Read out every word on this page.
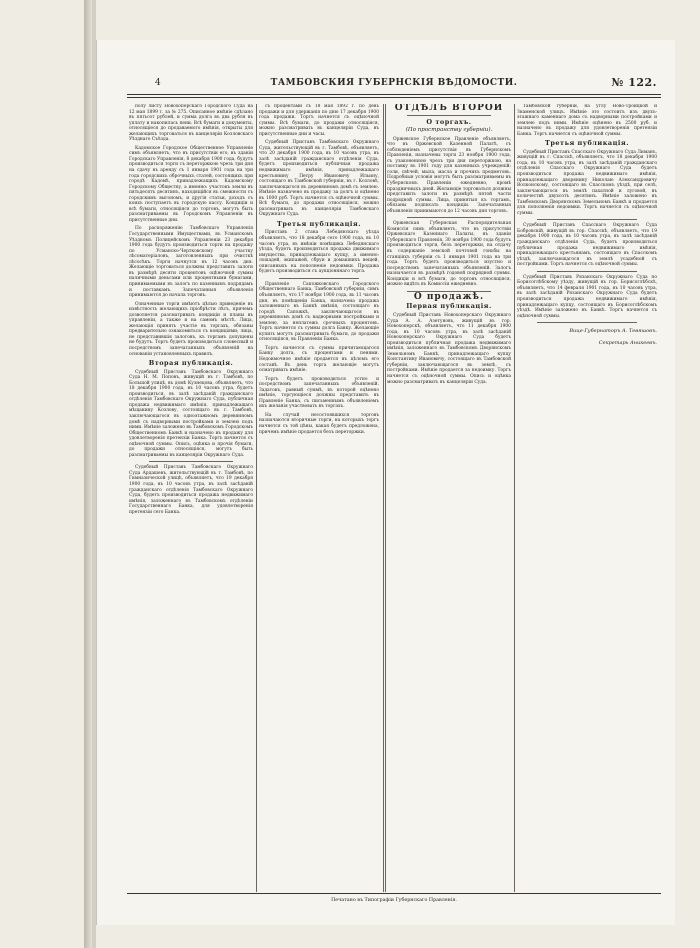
4	ТАМБОВСКИЯ ГУБЕРНСКІЯ ВѢДОМОСТИ.	№ 122.

полу листу Новохоперскаго Городского Суда на 12 мая 1899 г. за № 275. Описанное имѣніе сдѣлано въ пятьсот рублей, и сумма долга въ два рубля въ уплату и накопилась пени. Всѣ бумаги и документы, относящіеся до продаваемого имѣнія, открыты для желающихъ торговаться въ канцеляріи Козловскаго Уѣзднаго Съѣзда.

Кадомское Городское Общественное Управленіе симъ объявляетъ, что въ присутствіи его, въ зданіи Городскаго Управленія, 8 декабря 1900 года, будутъ производиться торги съ переторжкою чрезъ три дня на сдачу въ аренду съ 1 января 1901 года на три года городскихъ оброчныхъ статей, состоящихъ при городѣ Кадомѣ, принадлежащихъ Кадомскому Городскому Обществу, а именно: участокъ земли въ пятьдесятъ десятинъ, находящійся въ смежности съ городскимъ выгономъ, и другія статьи, доходъ съ коихъ поступаетъ въ городскую кассу. Кондиціи и всѣ бумаги, относящіяся до торговъ, могутъ быть разсматриваемы въ Городскомъ Управленіи въ присутственные дни.

По распоряженію Тамбовскаго Управленія Государственными Имуществами, въ Усманскомъ Уѣздномъ Полицейскомъ Управленіи 23 декабря 1900 года будутъ производиться торги на продажу по Усманско-Чертковскому участку лѣсоматеріаловъ, заготовленныхъ при очисткѣ лѣсосѣкъ. Торги начнутся въ 12 часовъ дня. Желающіе торговаться должны представить залоги въ размѣрѣ десяти процентовъ оцѣночной суммы наличными деньгами или процентными бумагами, принимаемыми въ залогъ по казеннымъ подрядамъ и поставкамъ. Запечатанныя объявленія принимаются до начала торговъ.

Означенные торги имѣютъ цѣлью приведеніе въ извѣстность желающихъ пріобрѣсти лѣсъ, причемъ дозволяется разсматривать кондиціи и планы въ управленіи, а также и на самомъ мѣстѣ. Лица, желающія принять участіе въ торгахъ, обязаны предварительно ознакомиться съ кондиціями; лица, не представившія залоговъ, къ торгамъ допущены не будутъ. Торгъ будетъ производиться словесный и посредствомъ запечатанныхъ объявленій на основаніи установленныхъ правилъ.

Вторая публикація.

Судебный Приставъ Тамбовскаго Окружнаго Суда Н. М. Поповъ, живущій въ г. Тамбовѣ, по Большой улицѣ, въ домѣ Кузнецова, объявляетъ, что 18 декабря 1900 года, въ 10 часовъ утра, будетъ производиться, въ залѣ засѣданій гражданскаго отдѣленія Тамбовскаго Окружнаго Суда, публичная продажа недвижимаго имѣнія, принадлежащаго мѣщанину Козлову, состоящаго въ г. Тамбовѣ, заключающагося въ одноэтажномъ деревянномъ домѣ съ надворными постройками и землею подъ ними. Имѣніе заложено въ Тамбовскомъ Городскомъ Общественномъ Банкѣ и назначено въ продажу для удовлетворенія претензіи Банка. Торгъ начнется съ оцѣночной суммы. Опись, оцѣнка и прочія бумаги, до продажи относящіяся, могутъ быть разсматриваемы въ канцеляріи Окружнаго Суда.

Судебный Приставъ Тамбовскаго Окружнаго Суда Ардашевъ, жительствующій въ г. Тамбовѣ, по Гимназической улицѣ, объявляетъ, что 19 декабря 1900 года, въ 10 часовъ утра, въ залѣ засѣданій гражданскаго отдѣленія Тамбовскаго Окружнаго Суда, будетъ производиться продажа недвижимаго имѣнія, заложеннаго въ Тамбовскомъ отдѣленіи Государственнаго Банка, для удовлетворенія претензіи сего Банка.

съ процентами съ 18 мая 1892 г. по день продажи и для удержанія по дню 17 декабря 1900 года продажи. Торгъ начнется съ оцѣночной суммы. Всѣ бумаги, до продажи относящіяся, можно разсматривать въ канцеляріи Суда, въ присутственные дни и часы.

Судебный Приставъ Тамбовскаго Окружнаго Суда, жительствующій въ г. Тамбовѣ, объявляетъ, что 20 декабря 1900 года, въ 10 часовъ утра, въ залѣ засѣданій гражданскаго отдѣленія Суда, будетъ производиться публичная продажа недвижимаго имѣнія, принадлежащаго крестьянину Петру Ивановичу Ильину, состоящаго въ Тамбовской губерніи, въ г. Козловѣ, заключающагося въ деревянномъ домѣ съ землею. Имѣніе назначено въ продажу за долгъ и оцѣнено въ 1000 руб. Торгъ начнется съ оцѣночной суммы. Всѣ бумаги, до продажи относящіяся, можно разсматривать въ канцеляріи Тамбовскаго Окружнаго Суда.

Третья публикація.

Приставъ 2 стана Лебедянскаго уѣзда объявляетъ, что 18 декабря сего 1900 года, въ 10 часовъ утра, въ имѣніи помѣщика Лебедянскаго уѣзда, будетъ производиться продажа движимаго имущества, принадлежащаго купцу, а именно: лошадей, экипажей, сбруи и домашнихъ вещей, описанныхъ на пополненіе недоимки. Продажа будетъ производиться съ аукціонннаго торга.

Правленіе Сапожковскаго Городского Общественнаго Банка, Тамбовской губерніи, симъ объявляетъ, что 17 ноября 1900 года, въ 11 часовъ дня, въ помѣщеніи Банка, назначена продажа заложеннаго въ Банкѣ имѣнія, состоящаго въ городѣ Сапожкѣ, заключающагося въ деревянномъ домѣ съ надворными постройками и землею, за неплатежъ срочныхъ процентовъ. Торгъ начнется съ суммы долга Банку. Желающіе купить могутъ разсматривать бумаги, до продажи относящіяся, въ Правленіи Банка.

Торгъ начнется съ суммы причитающагося Банку долга, съ процентами и пенями. Недоимочное имѣніе продается въ цѣломъ его составѣ. Въ день торга желающіе могутъ осматривать имѣніе.

Торгъ будетъ производиться устно и посредствомъ запечатанныхъ объявленій. Задатокъ, равный суммѣ, въ которой оцѣнено имѣніе, торгующіеся должны представить въ Правленіе Банка, съ письменнымъ объявленіемъ ихъ желанія участвовать въ торгахъ.

На случай несостоявшихся торговъ назначаются вторичные торги, на которыхъ торгъ начнется съ той цѣны, какая будетъ предложена, причемъ имѣніе продается безъ переторжки.

ОТДѢЛЪ ВТОРОЙ
О торгахъ.
(По пространству губерніи).

Оржевское Губернское Правленіе объявляетъ, что въ Оржевской Казенной Палатѣ, съ соблюденіемъ присутствія въ Губернскомъ Правленіи, назначены торги 23 ноября 1900 года, съ узаконенною чрезъ три дня переторжкою, на поставку въ 1901 году для казенныхъ учрежденій: соли, свѣчей, мыла, масла и прочихъ предметовъ. Подробныя условія могутъ быть разсматриваемы въ Губернскомъ Правленіи ежедневно, кромѣ праздничныхъ дней. Желающіе торговаться должны представить залоги въ размѣрѣ пятой части подрядной суммы. Лица, принятыя къ торгамъ, обязаны подписать кондиціи. Запечатанныя объявленія принимаются до 12 часовъ дня торговъ.

Оржевская Губернская Распорядительная Комиссія симъ объявляетъ, что въ присутствіи Оржевскаго Казеннаго Палаты, въ зданіи Губернскаго Правленія, 30 ноября 1900 года будутъ производиться торги, безъ переторжки, на отдачу въ содержаніе земской почтовой гоньбы на станціяхъ губерніи съ 1 января 1901 года на три года. Торгъ будетъ производиться изустно и посредствомъ запечатанныхъ объявленій. Залогъ назначается въ размѣрѣ годовой подрядной суммы. Кондиціи и всѣ бумаги, до торговъ относящіяся, можно видѣть въ Комиссіи ежедневно.

О продажѣ.
Первая публикація.

Судебный Приставъ Новохоперскаго Окружнаго Суда А. А. Азетуновъ, живущій въ гор. Новохоперскѣ, объявляетъ, что 11 декабря 1900 года, въ 10 часовъ утра, въ залѣ засѣданій Новохоперскаго Окружнаго Суда будетъ производиться публичная продажа недвижимаго имѣнія, заложеннаго въ Тамбовскомъ Дворянскомъ Земельномъ Банкѣ, принадлежащаго купцу Константину Ивановичу, состоящаго въ Тамбовской губерніи, заключающагося въ землѣ, съ постройками. Имѣніе продается за недоимку. Торгъ начнется съ оцѣночной суммы. Опись и оцѣнка можно разсматривать въ канцеляріи Суда.

Тамбовской губерніи, на углу Ново-Троицкой и Знаменской улицъ. Имѣніе это состоитъ изъ двухъ-этажнаго каменнаго дома съ надворными постройками и землею подъ ними. Имѣніе оцѣнено въ 2500 руб. и назначено въ продажу для удовлетворенія претензіи Банка. Торгъ начнется съ оцѣночной суммы.

Третья публикація.

Судебный Приставъ Спасскаго Окружнаго Суда Лиманъ, живущій въ г. Спасскѣ, объявляетъ, что 18 декабря 1900 года, въ 10 часовъ утра, въ залѣ засѣданій гражданскаго отдѣленія Спасскаго Окружнаго Суда будетъ производиться продажа недвижимаго имѣнія, принадлежащаго дворянину Николаю Александровичу Волконскому, состоящаго въ Спасскомъ уѣздѣ, при селѣ, заключающагося въ землѣ пахатной и луговой, въ количествѣ двухсотъ десятинъ. Имѣніе заложено въ Тамбовскомъ Дворянскомъ Земельномъ Банкѣ и продается для пополненія недоимки. Торгъ начнется съ оцѣночной суммы.

Судебный Приставъ Спасскаго Окружнаго Суда Бобровскій, живущій въ гор. Спасскѣ, объявляетъ, что 19 декабря 1900 года, въ 10 часовъ утра, въ залѣ засѣданій гражданскаго отдѣленія Суда, будетъ производиться публичная продажа недвижимаго имѣнія, принадлежащаго крестьянамъ, состоящаго въ Спасскомъ уѣздѣ, заключающагося въ землѣ усадебной съ постройками. Торгъ начнется съ оцѣночной суммы.

Судебный Приставъ Рязанскаго Окружнаго Суда по Борисоглѣбскому уѣзду, живущій въ гор. Борисоглѣбскѣ, объявляетъ, что 14 февраля 1901 года, въ 10 часовъ утра, въ залѣ засѣданій Рязанскаго Окружнаго Суда будетъ производиться продажа недвижимаго имѣнія, принадлежащаго купцу, состоящаго въ Борисоглѣбскомъ уѣздѣ. Имѣніе заложено въ Банкѣ. Торгъ начнется съ оцѣночной суммы.

Вице-Губернаторъ А. Тевяшовъ.
Секретарь Аникеевъ.
Печатано въ Типографіи Губернскаго Правленія.
